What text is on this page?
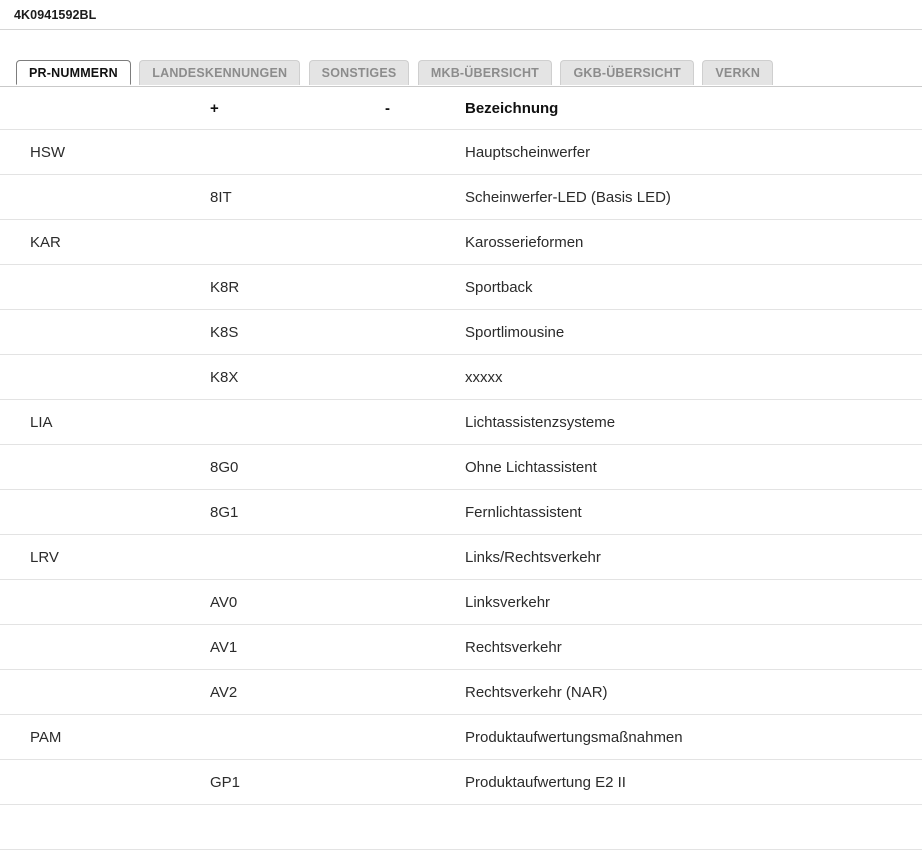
4K0941592BL
PR-NUMMERN	LANDESKENNUNGEN	SONSTIGES	MKB-ÜBERSICHT	GKB-ÜBERSICHT	VERKN
	+	-	Bezeichnung
HSW			Hauptscheinwerfer
	8IT		Scheinwerfer-LED (Basis LED)
KAR			Karosserieformen
	K8R		Sportback
	K8S		Sportlimousine
	K8X		xxxxx
LIA			Lichtassistenzsysteme
	8G0		Ohne Lichtassistent
	8G1		Fernlichtassistent
LRV			Links/Rechtsverkehr
	AV0		Linksverkehr
	AV1		Rechtsverkehr
	AV2		Rechtsverkehr (NAR)
PAM			Produktaufwertungsmaßnahmen
	GP1		Produktaufwertung E2 II
